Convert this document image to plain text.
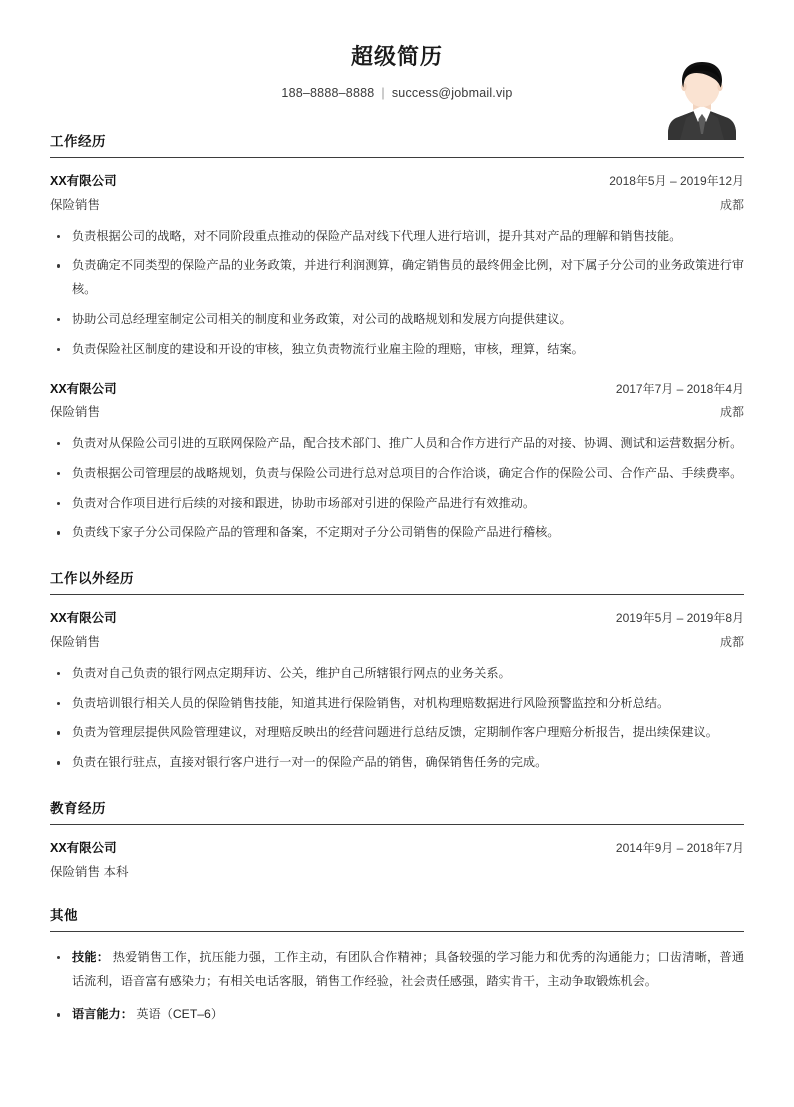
超级简历
188–8888–8888 | success@jobmail.vip
工作经历
XX有限公司	2018年5月 – 2019年12月
保险销售	成都
负责根据公司的战略，对不同阶段重点推动的保险产品对线下代理人进行培训，提升其对产品的理解和销售技能。
负责确定不同类型的保险产品的业务政策，并进行利润测算，确定销售员的最终佣金比例，对下属子分公司的业务政策进行审核。
协助公司总经理室制定公司相关的制度和业务政策，对公司的战略规划和发展方向提供建议。
负责保险社区制度的建设和开设的审核，独立负责物流行业雇主险的理赔，审核，理算，结案。
XX有限公司	2017年7月 – 2018年4月
保险销售	成都
负责对从保险公司引进的互联网保险产品，配合技术部门、推广人员和合作方进行产品的对接、协调、测试和运营数据分析。
负责根据公司管理层的战略规划，负责与保险公司进行总对总项目的合作洽谈，确定合作的保险公司、合作产品、手续费率。
负责对合作项目进行后续的对接和跟进，协助市场部对引进的保险产品进行有效推动。
负责线下家子分公司保险产品的管理和备案，不定期对子分公司销售的保险产品进行稽核。
工作以外经历
XX有限公司	2019年5月 – 2019年8月
保险销售	成都
负责对自己负责的银行网点定期拜访、公关，维护自己所辖银行网点的业务关系。
负责培训银行相关人员的保险销售技能，知道其进行保险销售，对机构理赔数据进行风险预警监控和分析总结。
负责为管理层提供风险管理建议，对理赔反映出的经营问题进行总结反馈，定期制作客户理赔分析报告，提出续保建议。
负责在银行驻点，直接对银行客户进行一对一的保险产品的销售，确保销售任务的完成。
教育经历
XX有限公司	2014年9月 – 2018年7月
保险销售 本科
其他
技能： 热爱销售工作，抗压能力强，工作主动，有团队合作精神；具备较强的学习能力和优秀的沟通能力；口齿清晰，普通话流利，语音富有感染力；有相关电话客服，销售工作经验，社会责任感强，踏实肯干，主动争取锻炼机会。
语言能力： 英语（CET–6）
